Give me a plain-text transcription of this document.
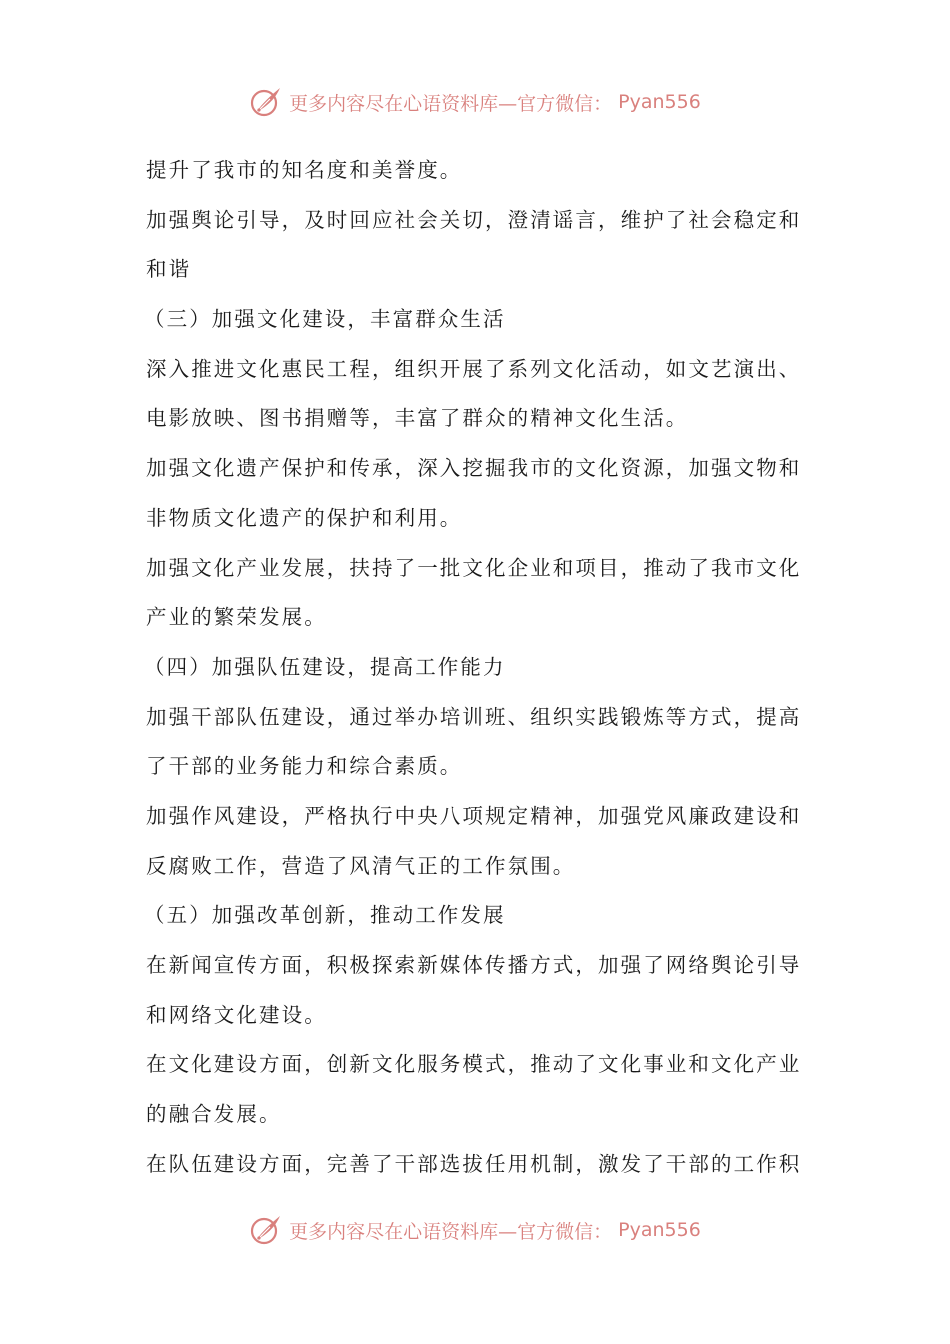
更多内容尽在心语资料库—官方微信： Pyan556
提升了我市的知名度和美誉度。
加强舆论引导，及时回应社会关切，澄清谣言，维护了社会稳定和
和谐
（三）加强文化建设，丰富群众生活
深入推进文化惠民工程，组织开展了系列文化活动，如文艺演出、
电影放映、图书捐赠等，丰富了群众的精神文化生活。
加强文化遗产保护和传承，深入挖掘我市的文化资源，加强文物和
非物质文化遗产的保护和利用。
加强文化产业发展，扶持了一批文化企业和项目，推动了我市文化
产业的繁荣发展。
（四）加强队伍建设，提高工作能力
加强干部队伍建设，通过举办培训班、组织实践锻炼等方式，提高
了干部的业务能力和综合素质。
加强作风建设，严格执行中央八项规定精神，加强党风廉政建设和
反腐败工作，营造了风清气正的工作氛围。
（五）加强改革创新，推动工作发展
在新闻宣传方面，积极探索新媒体传播方式，加强了网络舆论引导
和网络文化建设。
在文化建设方面，创新文化服务模式，推动了文化事业和文化产业
的融合发展。
在队伍建设方面，完善了干部选拔任用机制，激发了干部的工作积
更多内容尽在心语资料库—官方微信： Pyan556
